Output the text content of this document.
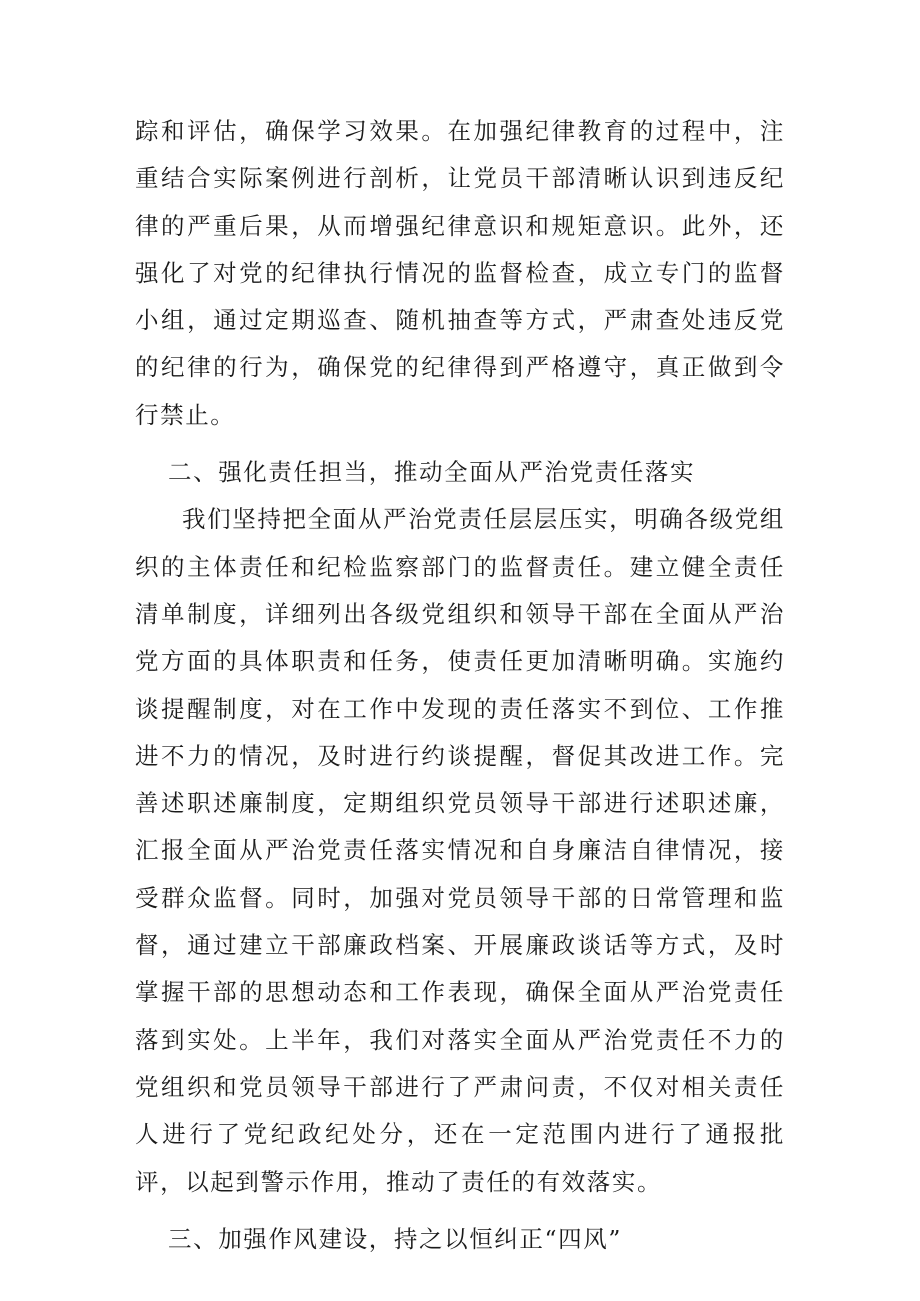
踪和评估，确保学习效果。在加强纪律教育的过程中，注重结合实际案例进行剖析，让党员干部清晰认识到违反纪律的严重后果，从而增强纪律意识和规矩意识。此外，还强化了对党的纪律执行情况的监督检查，成立专门的监督小组，通过定期巡查、随机抽查等方式，严肃查处违反党的纪律的行为，确保党的纪律得到严格遵守，真正做到令行禁止。

二、强化责任担当，推动全面从严治党责任落实

我们坚持把全面从严治党责任层层压实，明确各级党组织的主体责任和纪检监察部门的监督责任。建立健全责任清单制度，详细列出各级党组织和领导干部在全面从严治党方面的具体职责和任务，使责任更加清晰明确。实施约谈提醒制度，对在工作中发现的责任落实不到位、工作推进不力的情况，及时进行约谈提醒，督促其改进工作。完善述职述廉制度，定期组织党员领导干部进行述职述廉，汇报全面从严治党责任落实情况和自身廉洁自律情况，接受群众监督。同时，加强对党员领导干部的日常管理和监督，通过建立干部廉政档案、开展廉政谈话等方式，及时掌握干部的思想动态和工作表现，确保全面从严治党责任落到实处。上半年，我们对落实全面从严治党责任不力的党组织和党员领导干部进行了严肃问责，不仅对相关责任人进行了党纪政纪处分，还在一定范围内进行了通报批评，以起到警示作用，推动了责任的有效落实。

三、加强作风建设，持之以恒纠正“四风”
